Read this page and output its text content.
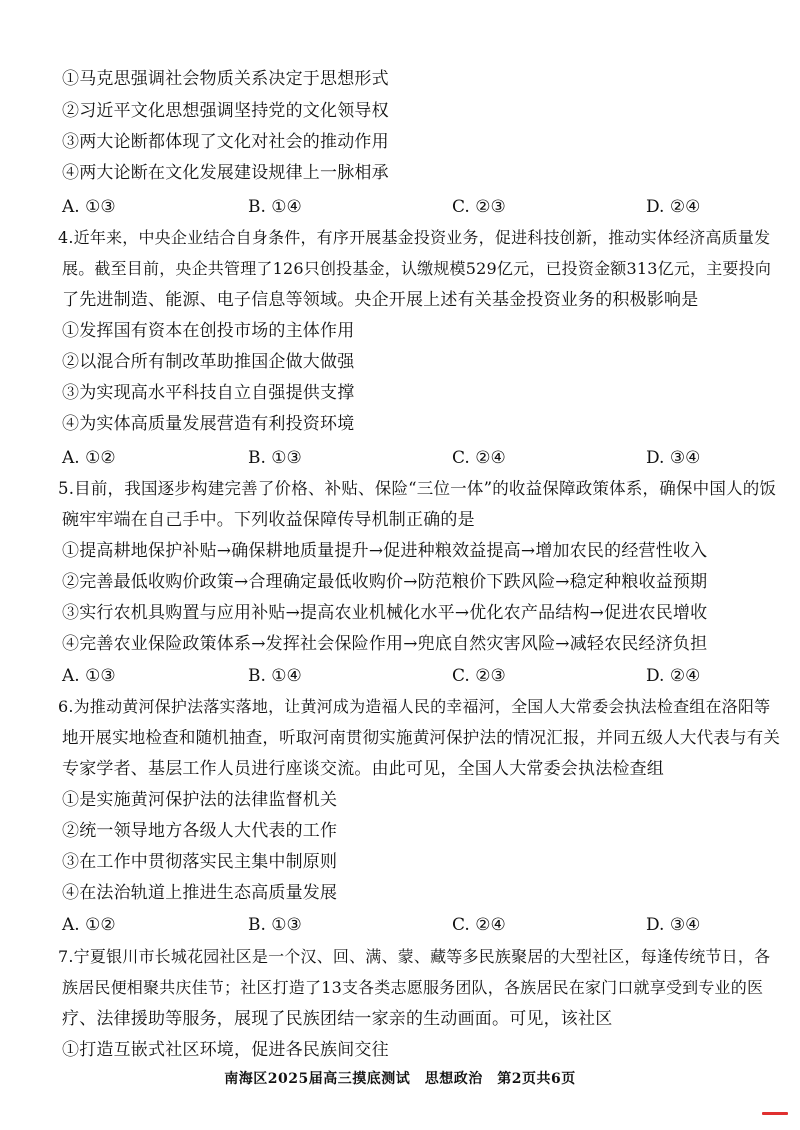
①马克思强调社会物质关系决定于思想形式
②习近平文化思想强调坚持党的文化领导权
③两大论断都体现了文化对社会的推动作用
④两大论断在文化发展建设规律上一脉相承
A. ①③	B. ①④	C. ②③	D. ②④
4.近年来，中央企业结合自身条件，有序开展基金投资业务，促进科技创新，推动实体经济高质量发
展。截至目前，央企共管理了126只创投基金，认缴规模529亿元，已投资金额313亿元，主要投向
了先进制造、能源、电子信息等领域。央企开展上述有关基金投资业务的积极影响是
①发挥国有资本在创投市场的主体作用
②以混合所有制改革助推国企做大做强
③为实现高水平科技自立自强提供支撑
④为实体高质量发展营造有利投资环境
A. ①②	B. ①③	C. ②④	D. ③④
5.目前，我国逐步构建完善了价格、补贴、保险“三位一体”的收益保障政策体系，确保中国人的饭
碗牢牢端在自己手中。下列收益保障传导机制正确的是
①提高耕地保护补贴→确保耕地质量提升→促进种粮效益提高→增加农民的经营性收入
②完善最低收购价政策→合理确定最低收购价→防范粮价下跌风险→稳定种粮收益预期
③实行农机具购置与应用补贴→提高农业机械化水平→优化农产品结构→促进农民增收
④完善农业保险政策体系→发挥社会保险作用→兜底自然灾害风险→减轻农民经济负担
A. ①③	B. ①④	C. ②③	D. ②④
6.为推动黄河保护法落实落地，让黄河成为造福人民的幸福河，全国人大常委会执法检查组在洛阳等
地开展实地检查和随机抽查，听取河南贯彻实施黄河保护法的情况汇报，并同五级人大代表与有关
专家学者、基层工作人员进行座谈交流。由此可见，全国人大常委会执法检查组
①是实施黄河保护法的法律监督机关
②统一领导地方各级人大代表的工作
③在工作中贯彻落实民主集中制原则
④在法治轨道上推进生态高质量发展
A. ①②	B. ①③	C. ②④	D. ③④
7.宁夏银川市长城花园社区是一个汉、回、满、蒙、藏等多民族聚居的大型社区，每逢传统节日，各
族居民便相聚共庆佳节；社区打造了13支各类志愿服务团队，各族居民在家门口就享受到专业的医
疗、法律援助等服务，展现了民族团结一家亲的生动画面。可见，该社区
①打造互嵌式社区环境，促进各民族间交往
南海区2025届高三摸底测试　思想政治　第2页共6页
